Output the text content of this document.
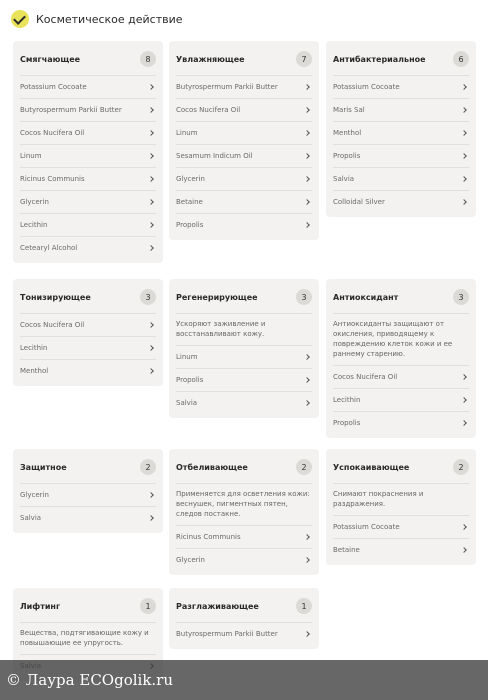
Косметическое действие
Смягчающее	8
Potassium Cocoate
Butyrospermum Parkii Butter
Cocos Nucifera Oil
Linum
Ricinus Communis
Glycerin
Lecithin
Cetearyl Alcohol
Увлажняющее	7
Butyrospermum Parkii Butter
Cocos Nucifera Oil
Linum
Sesamum Indicum Oil
Glycerin
Betaine
Propolis
Антибактериальное	6
Potassium Cocoate
Maris Sal
Menthol
Propolis
Salvia
Colloidal Silver
Тонизирующее	3
Cocos Nucifera Oil
Lecithin
Menthol
Регенерирующее	3
Ускоряют заживление и восстанавливают кожу.
Linum
Propolis
Salvia
Антиоксидант	3
Антиоксиданты защищают от окисления, приводящему к повреждению клеток кожи и ее раннему старению.
Cocos Nucifera Oil
Lecithin
Propolis
Защитное	2
Glycerin
Salvia
Отбеливающее	2
Применяется для осветления кожи: веснушек, пигментных пятен, следов постакне.
Ricinus Communis
Glycerin
Успокаивающее	2
Снимают покраснения и раздражения.
Potassium Cocoate
Betaine
Лифтинг	1
Вещества, подтягивающие кожу и повышающие ее упругость.
Разглаживающее	1
Butyrospermum Parkii Butter
© Лаура ECOgolik.ru
